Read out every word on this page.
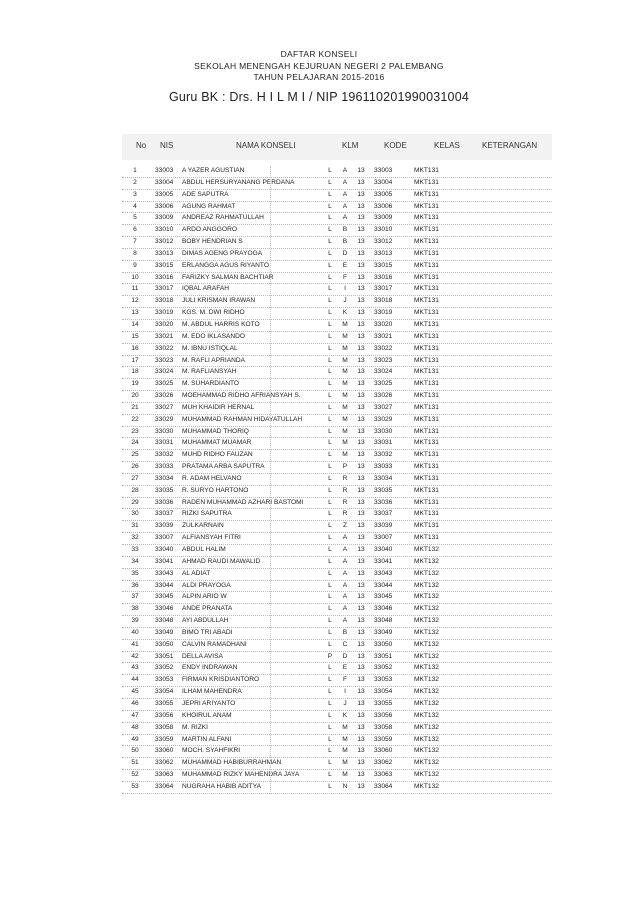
DAFTAR KONSELI
SEKOLAH MENENGAH KEJURUAN NEGERI 2 PALEMBANG
TAHUN PELAJARAN 2015-2016
Guru BK : Drs. H I L M I / NIP 196110201990031004
No NIS	NAMA KONSELI	KLM	KODE	KELAS	KETERANGAN
1	33003 A YAZER AGUSTIAN	L	A	13	33003	MKT131
2	33004 ABDUL HERSURYANANG PERDANA	L	A	13	33004	MKT131
3	33005 ADE SAPUTRA	L	A	13	33005	MKT131
4	33006 AGUNG RAHMAT	L	A	13	33006	MKT131
5	33009 ANDREAZ RAHMATULLAH	L	A	13	33009	MKT131
6	33010 ARDO ANGGORO	L	B	13	33010	MKT131
7	33012 BOBY HENDRIAN S	L	B	13	33012	MKT131
8	33013 DIMAS AGENG PRAYOGA	L	D	13	33013	MKT131
9	33015 ERLANGGA AGUS RIYANTO	L	E	13	33015	MKT131
10	33016 FARIZKY SALMAN BACHTIAR	L	F	13	33016	MKT131
11	33017 IQBAL ARAFAH	L	I	13	33017	MKT131
12	33018 JULI KRISMAN IRAWAN	L	J	13	33018	MKT131
13	33019 KGS. M. DWI RIDHO	L	K	13	33019	MKT131
14	33020 M. ABDUL HARRIS KOTO	L	M	13	33020	MKT131
15	33021 M. EDO IKLASANDO	L	M	13	33021	MKT131
16	33022 M. IBNU ISTIQLAL	L	M	13	33022	MKT131
17	33023 M. RAFLI APRIANDA	L	M	13	33023	MKT131
18	33024 M. RAFLIANSYAH	L	M	13	33024	MKT131
19	33025 M. SUHARDIANTO	L	M	13	33025	MKT131
20	33026 MOEHAMMAD RIDHO AFRIANSYAH S.	L	M	13	33026	MKT131
21	33027 MUH KHAIDIR HERNAL	L	M	13	33027	MKT131
22	33029 MUHAMMAD RAHMAN HIDAYATULLAH	L	M	13	33029	MKT131
23	33030 MUHAMMAD THORIQ	L	M	13	33030	MKT131
24	33031 MUHAMMAT MUAMAR	L	M	13	33031	MKT131
25	33032 MUHD RIDHO FAUZAN	L	M	13	33032	MKT131
26	33033 PRATAMA ARBA SAPUTRA	L	P	13	33033	MKT131
27	33034 R. ADAM HELVANO	L	R	13	33034	MKT131
28	33035 R. SURYO HARTONO	L	R	13	33035	MKT131
29	33036 RADEN MUHAMMAD AZHARI BASTOMI	L	R	13	33036	MKT131
30	33037 RIZKI SAPUTRA	L	R	13	33037	MKT131
31	33039 ZULKARNAIN	L	Z	13	33039	MKT131
32	33007 ALFIANSYAH FITRI	L	A	13	33007	MKT131
33	33040 ABDUL HALIM	L	A	13	33040	MKT132
34	33041 AHMAD RAUDI MAWALID	L	A	13	33041	MKT132
35	33043 AL ADIAT	L	A	13	33043	MKT132
36	33044 ALDI PRAYOGA	L	A	13	33044	MKT132
37	33045 ALPIN ARIO W	L	A	13	33045	MKT132
38	33046 ANDE PRANATA	L	A	13	33046	MKT132
39	33048 AYI ABDULLAH	L	A	13	33048	MKT132
40	33049 BIMO TRI ABADI	L	B	13	33049	MKT132
41	33050 CALVIN RAMADHANI	L	C	13	33050	MKT132
42	33051 DELLA AVISA	P D	13	33051	MKT132
43	33052 ENDY INDRAWAN	L	E	13	33052	MKT132
44	33053 FIRMAN KRISDIANTORO	L	F	13	33053	MKT132
45	33054 ILHAM MAHENDRA	L	I	13	33054	MKT132
46	33055 JEPRI ARIYANTO	L	J	13	33055	MKT132
47	33056 KHOIRUL ANAM	L	K	13	33056	MKT132
48	33058 M. RIZKI	L	M	13	33058	MKT132
49	33059 MARTIN ALFANI	L	M	13	33059	MKT132
50	33060 MOCH. SYAHFIKRI	L	M	13	33060	MKT132
51	33062 MUHAMMAD HABIBURRAHMAN	L	M	13	33062	MKT132
52	33063 MUHAMMAD RIZKY MAHENDRA JAYA	L	M	13	33063	MKT132
53	33064 NUGRAHA HABIB ADITYA	L	N	13	33064	MKT132
